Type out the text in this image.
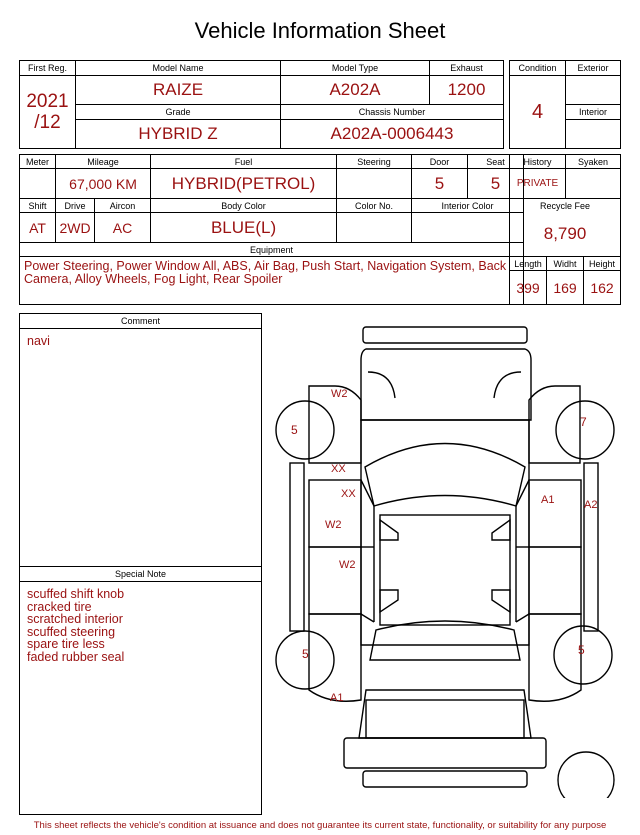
Vehicle Information Sheet
First Reg.	Model Name	Model Type	Exhaust

2021
/12	RAIZE	A202A	1200
	Grade	Chassis Number	
	HYBRID Z	A202A-0006443	
Condition	Exterior
4	
	Interior

Meter	Mileage		Fuel	Steering	Door	Seat
	67,000 KM		HYBRID(PETROL)		5	5
Shift	Drive	Aircon	Body Color	Color No.	Interior Color	
AT	2WD	AC	BLUE(L)			
Equipment						
Power Steering, Power Window All, ABS, Air Bag, Push Start, Navigation System, Back Camera, Alloy Wheels, Fog Light, Rear Spoiler						
History		Syaken	
PRIVATE			
Recycle Fee			
8,790			
Length	Widht		Height
399	169		162
Comment
navi
Special Note
scuffed shift knob
cracked tire
scratched interior
scuffed steering
spare tire less
faded rubber seal
W2
XX
XX
W2
W2
A1	A2
A1
5
7
5	5
This sheet reflects the vehicle's condition at issuance and does not guarantee its current state, functionality, or suitability for any purpose
